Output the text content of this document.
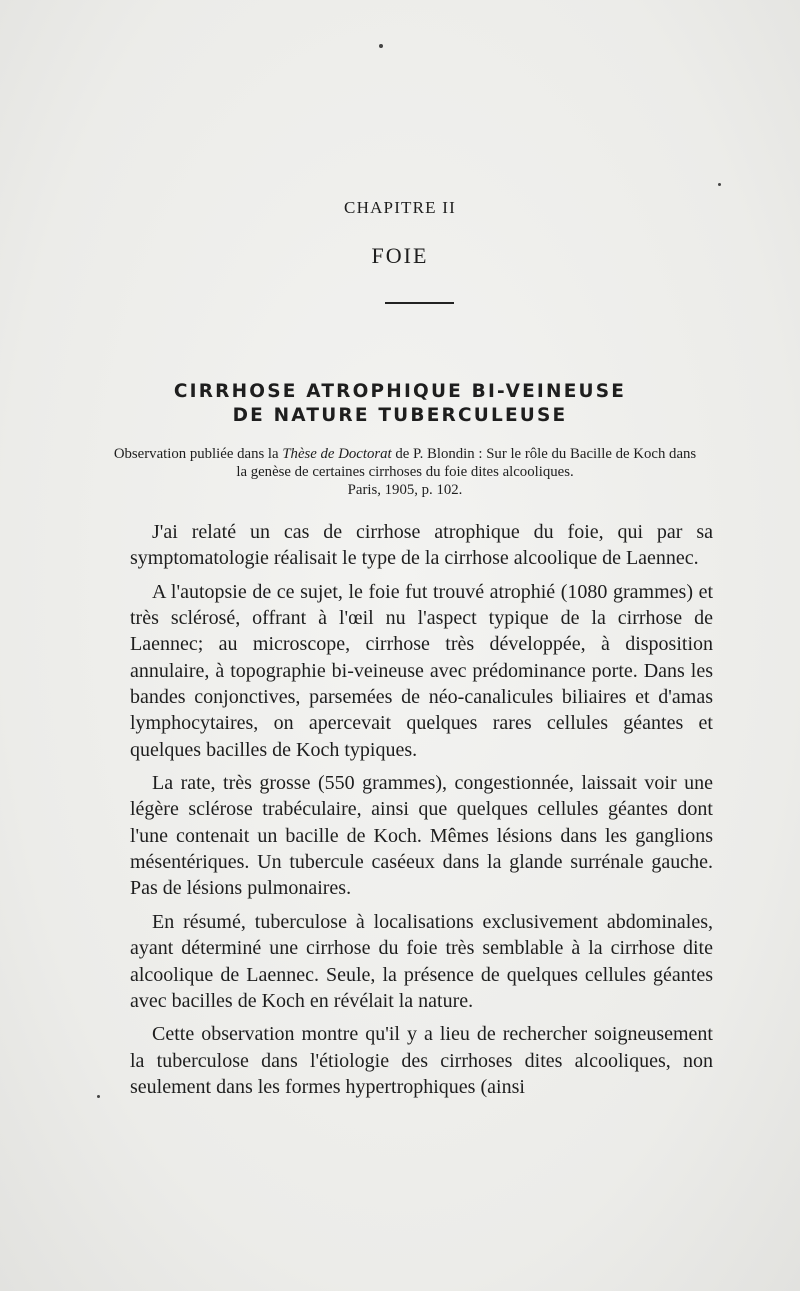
CHAPITRE II
FOIE
CIRRHOSE ATROPHIQUE BI-VEINEUSE
DE NATURE TUBERCULEUSE
Observation publiée dans la Thèse de Doctorat de P. Blondin : Sur le rôle du Bacille de Koch dans la genèse de certaines cirrhoses du foie dites alcooliques.
Paris, 1905, p. 102.

J'ai relaté un cas de cirrhose atrophique du foie, qui par sa symptomatologie réalisait le type de la cirrhose alcoolique de Laennec.

A l'autopsie de ce sujet, le foie fut trouvé atrophié (1080 grammes) et très sclérosé, offrant à l'œil nu l'aspect typique de la cirrhose de Laennec; au microscope, cirrhose très développée, à disposition annulaire, à topographie bi-veineuse avec prédominance porte. Dans les bandes conjonctives, parsemées de néo-canalicules biliaires et d'amas lymphocytaires, on apercevait quelques rares cellules géantes et quelques bacilles de Koch typiques.

La rate, très grosse (550 grammes), congestionnée, laissait voir une légère sclérose trabéculaire, ainsi que quelques cellules géantes dont l'une contenait un bacille de Koch. Mêmes lésions dans les ganglions mésentériques. Un tubercule caséeux dans la glande surrénale gauche. Pas de lésions pulmonaires.

En résumé, tuberculose à localisations exclusivement abdominales, ayant déterminé une cirrhose du foie très semblable à la cirrhose dite alcoolique de Laennec. Seule, la présence de quelques cellules géantes avec bacilles de Koch en révélait la nature.

Cette observation montre qu'il y a lieu de rechercher soigneusement la tuberculose dans l'étiologie des cirrhoses dites alcooliques, non seulement dans les formes hypertrophiques (ainsi
